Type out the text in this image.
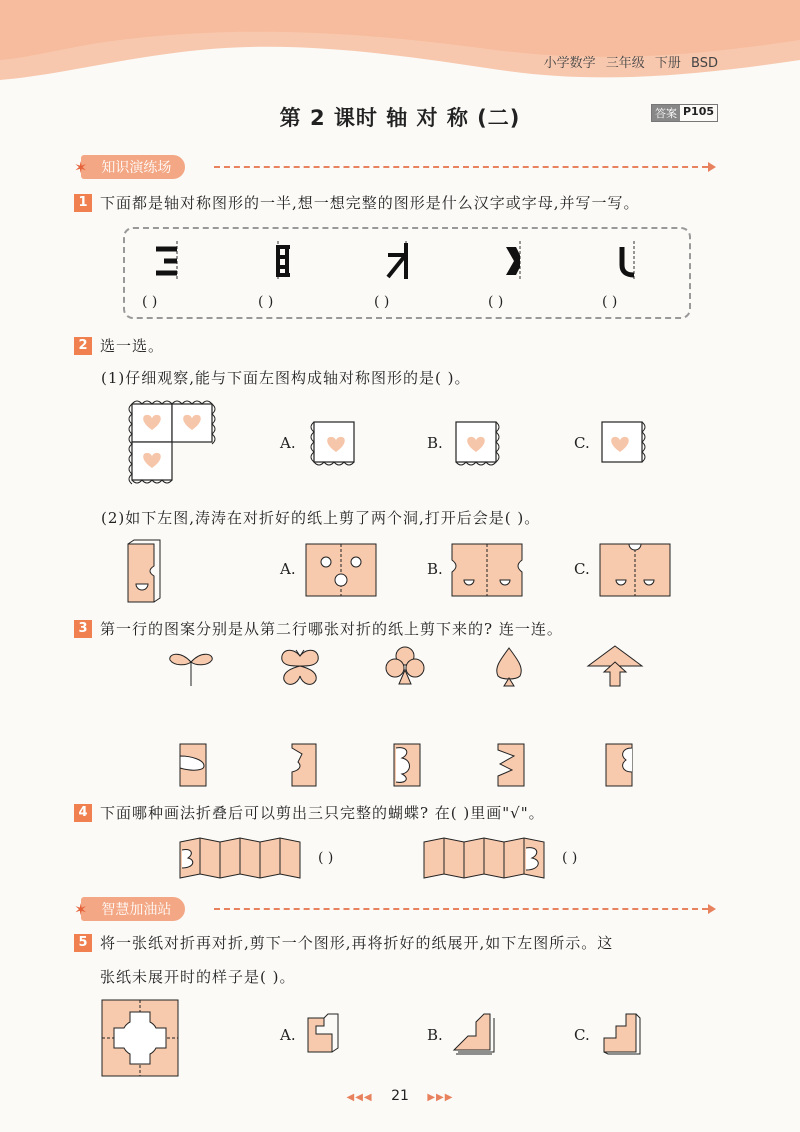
小学数学 三年级 下册 BSD
第 2 课时 轴 对 称 (二)	答案 P105
✶	知识演练场
1 下面都是轴对称图形的一半,想一想完整的图形是什么汉字或字母,并写一写。
( )	( )	( )	( )	( )
2 选一选。
(1)仔细观察,能与下面左图构成轴对称图形的是( )。
A.	B.	C.
(2)如下左图,涛涛在对折好的纸上剪了两个洞,打开后会是( )。
A.	B.	C.
3 第一行的图案分别是从第二行哪张对折的纸上剪下来的? 连一连。
4 下面哪种画法折叠后可以剪出三只完整的蝴蝶? 在( )里画"√"。
( )	( )
✶	智慧加油站
5 将一张纸对折再对折,剪下一个图形,再将折好的纸展开,如下左图所示。这
张纸未展开时的样子是( )。
A.	B.	C.
◀◀◀ 21 ▶▶▶
